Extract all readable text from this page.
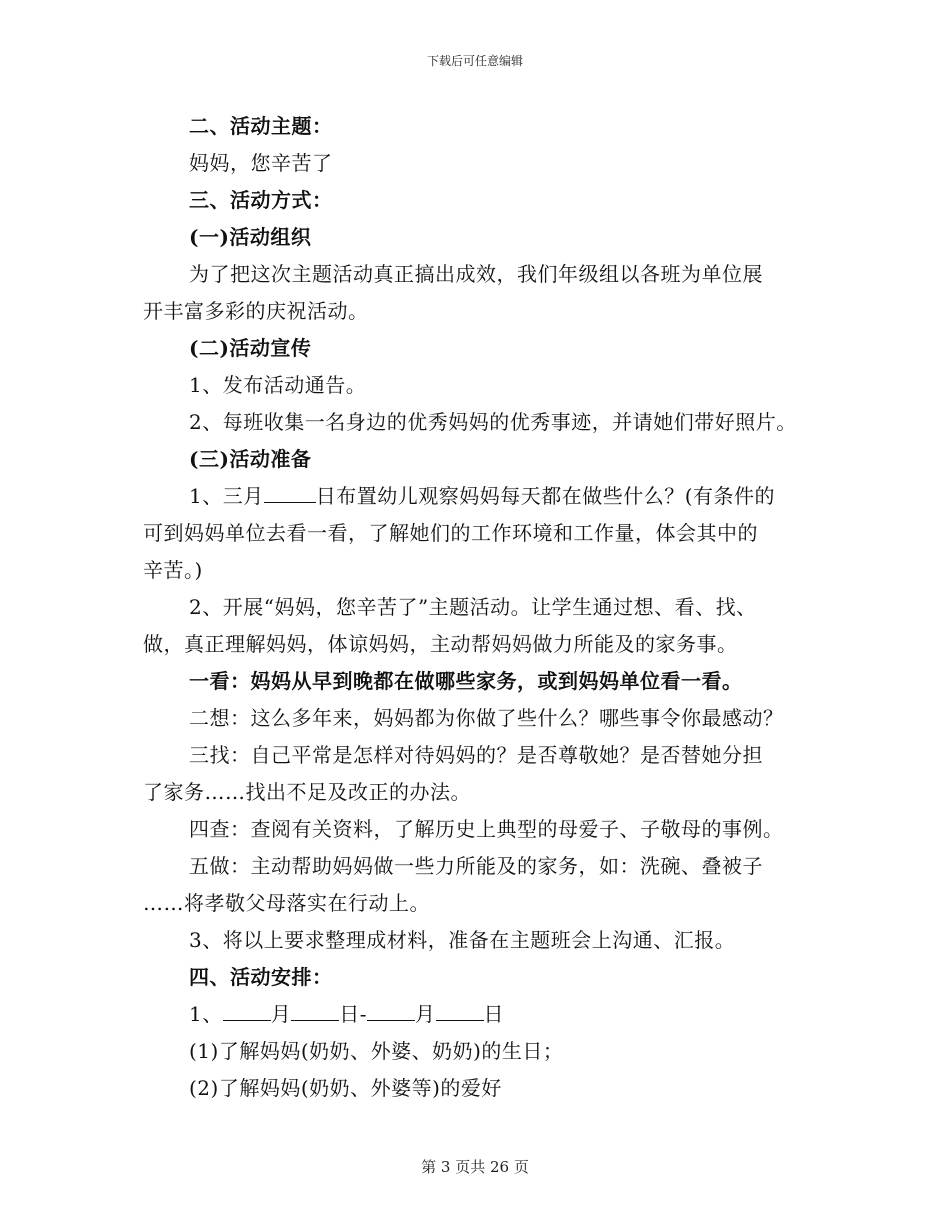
下载后可任意编辑
二、活动主题：
妈妈，您辛苦了
三、活动方式：
(一)活动组织
为了把这次主题活动真正搞出成效，我们年级组以各班为单位展
开丰富多彩的庆祝活动。
(二)活动宣传
1、发布活动通告。
2、每班收集一名身边的优秀妈妈的优秀事迹，并请她们带好照片。
(三)活动准备
1、三月	日布置幼儿观察妈妈每天都在做些什么？(有条件的
可到妈妈单位去看一看，了解她们的工作环境和工作量，体会其中的
辛苦。)
2、开展“妈妈，您辛苦了”主题活动。让学生通过想、看、找、
做，真正理解妈妈，体谅妈妈，主动帮妈妈做力所能及的家务事。
一看：妈妈从早到晚都在做哪些家务，或到妈妈单位看一看。
二想：这么多年来，妈妈都为你做了些什么？哪些事令你最感动？
三找：自己平常是怎样对待妈妈的？是否尊敬她？是否替她分担
了家务……找出不足及改正的办法。
四查：查阅有关资料，了解历史上典型的母爱子、子敬母的事例。
五做：主动帮助妈妈做一些力所能及的家务，如：洗碗、叠被子
……将孝敬父母落实在行动上。
3、将以上要求整理成材料，准备在主题班会上沟通、汇报。
四、活动安排：
1、 月 日- 月 日
(1)了解妈妈(奶奶、外婆、奶奶)的生日；
(2)了解妈妈(奶奶、外婆等)的爱好
第 3 页共 26 页
